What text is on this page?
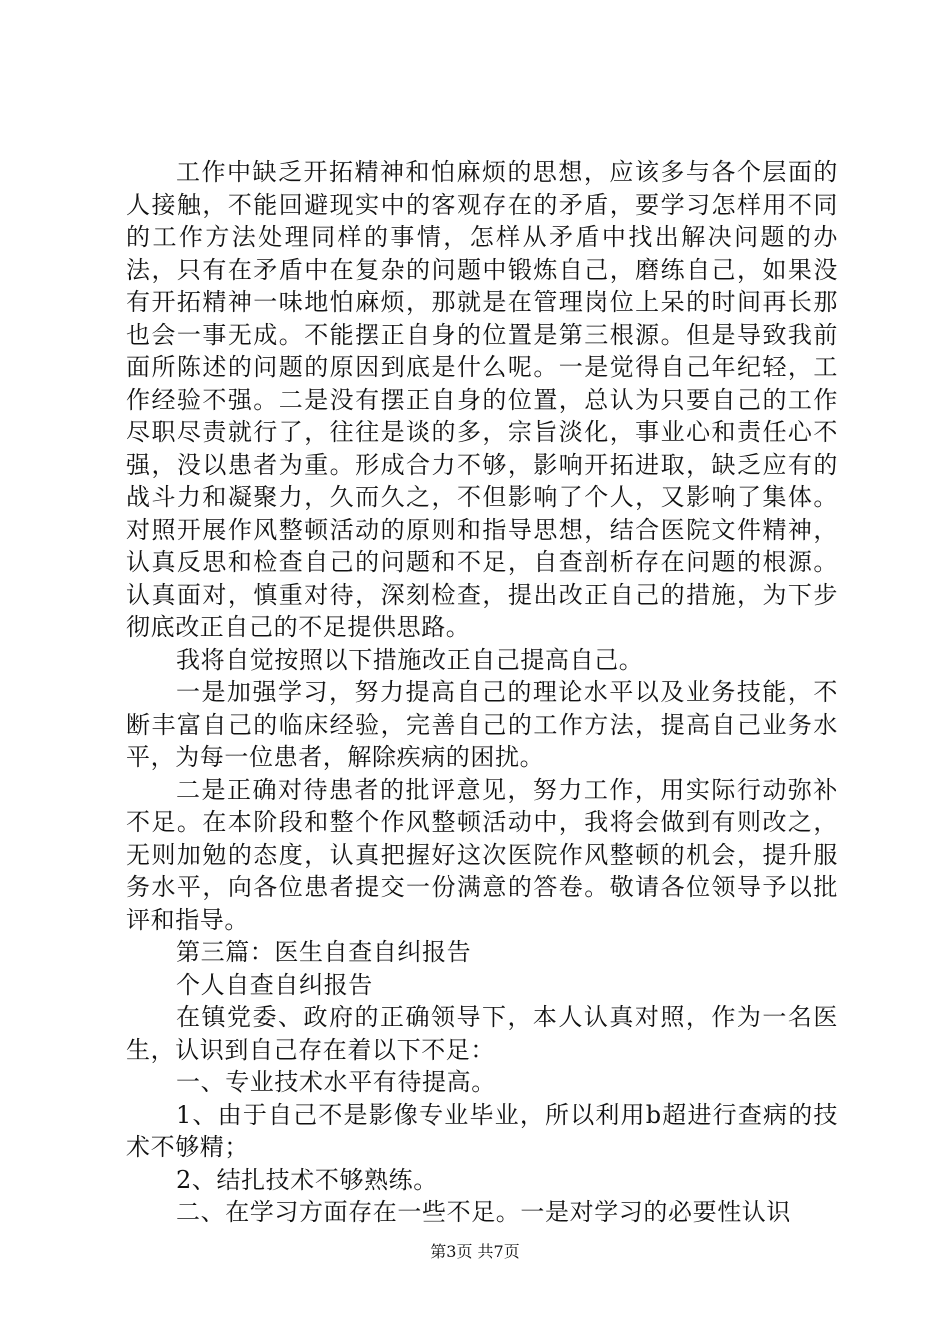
工作中缺乏开拓精神和怕麻烦的思想，应该多与各个层面的人接触，不能回避现实中的客观存在的矛盾，要学习怎样用不同的工作方法处理同样的事情，怎样从矛盾中找出解决问题的办法，只有在矛盾中在复杂的问题中锻炼自己，磨练自己，如果没有开拓精神一味地怕麻烦，那就是在管理岗位上呆的时间再长那也会一事无成。不能摆正自身的位置是第三根源。但是导致我前面所陈述的问题的原因到底是什么呢。一是觉得自己年纪轻，工作经验不强。二是没有摆正自身的位置，总认为只要自己的工作尽职尽责就行了，往往是谈的多，宗旨淡化，事业心和责任心不强，没以患者为重。形成合力不够，影响开拓进取，缺乏应有的战斗力和凝聚力，久而久之，不但影响了个人，又影响了集体。对照开展作风整顿活动的原则和指导思想，结合医院文件精神，认真反思和检查自己的问题和不足，自查剖析存在问题的根源。认真面对，慎重对待，深刻检查，提出改正自己的措施，为下步彻底改正自己的不足提供思路。

我将自觉按照以下措施改正自己提高自己。

一是加强学习，努力提高自己的理论水平以及业务技能，不断丰富自己的临床经验，完善自己的工作方法，提高自己业务水平，为每一位患者，解除疾病的困扰。

二是正确对待患者的批评意见，努力工作，用实际行动弥补不足。在本阶段和整个作风整顿活动中，我将会做到有则改之，无则加勉的态度，认真把握好这次医院作风整顿的机会，提升服务水平，向各位患者提交一份满意的答卷。敬请各位领导予以批评和指导。

第三篇：医生自查自纠报告

个人自查自纠报告

在镇党委、政府的正确领导下，本人认真对照，作为一名医生，认识到自己存在着以下不足：

一、专业技术水平有待提高。

1、由于自己不是影像专业毕业，所以利用b超进行查病的技术不够精；

2、结扎技术不够熟练。

二、在学习方面存在一些不足。一是对学习的必要性认识

第3页 共7页
